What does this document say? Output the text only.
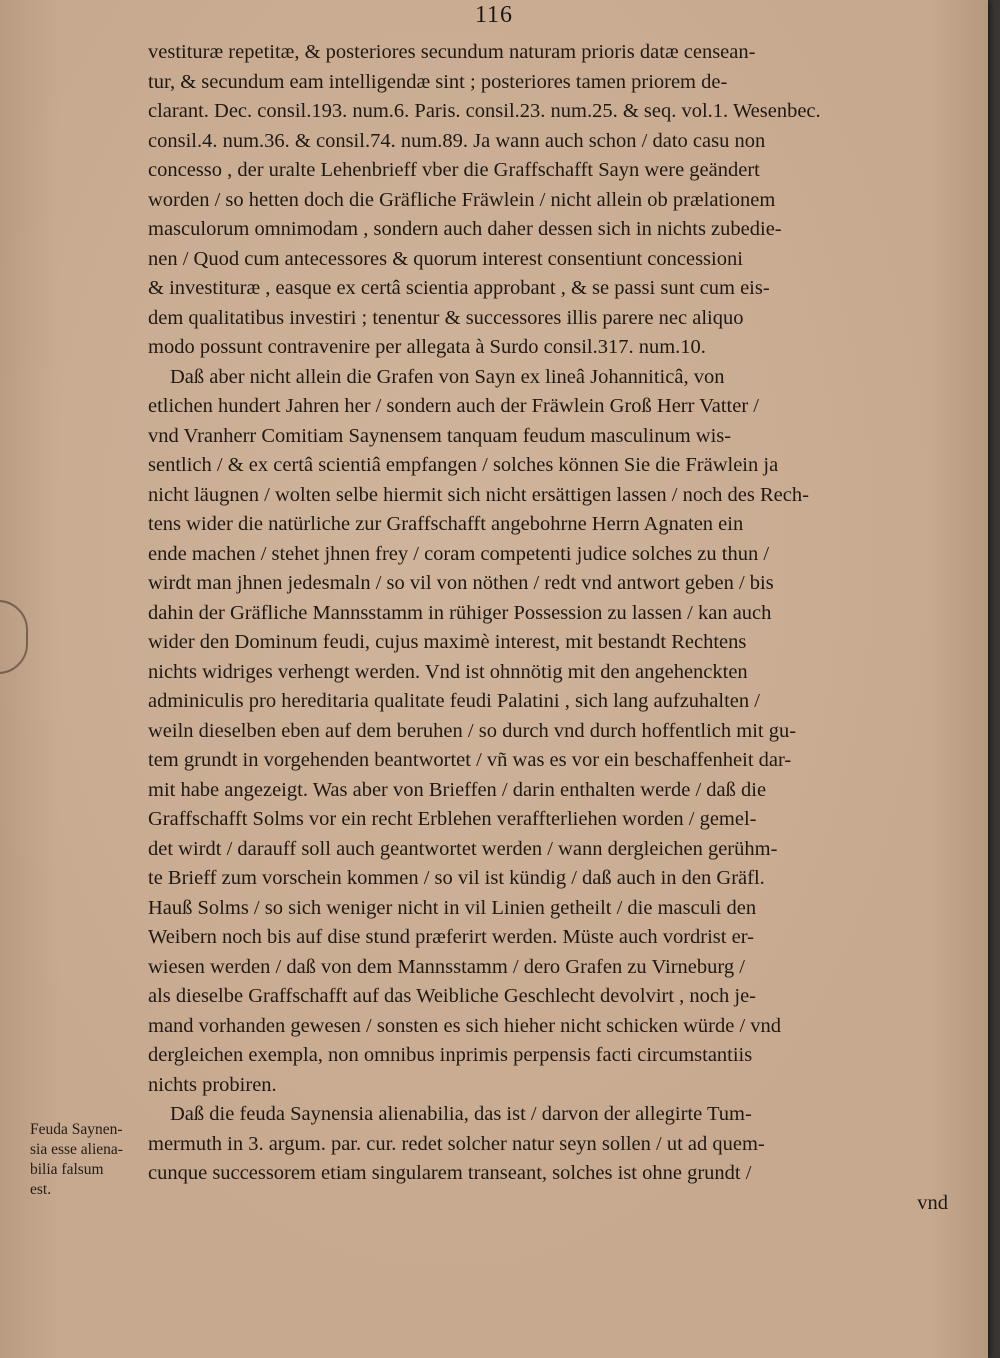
116
vestituræ repetitæ, & posteriores secundum naturam prioris datæ censean-
tur, & secundum eam intelligendæ sint ; posteriores tamen priorem de-
clarant. Dec. consil.193. num.6. Paris. consil.23. num.25. & seq. vol.1. Wesenbec.
consil.4. num.36. & consil.74. num.89. Ja wann auch schon / dato casu non
concesso , der uralte Lehenbrieff vber die Graffschafft Sayn were geändert
worden / so hetten doch die Gräfliche Fräwlein / nicht allein ob prælationem
masculorum omnimodam , sondern auch daher dessen sich in nichts zubedie-
nen / Quod cum antecessores & quorum interest consentiunt concessioni
& investituræ , easque ex certâ scientia approbant , & se passi sunt cum eis-
dem qualitatibus investiri ; tenentur & successores illis parere nec aliquo
modo possunt contravenire per allegata à Surdo consil.317. num.10.
Daß aber nicht allein die Grafen von Sayn ex lineâ Johanniticâ, von
etlichen hundert Jahren her / sondern auch der Fräwlein Groß Herr Vatter /
vnd Vranherr Comitiam Saynensem tanquam feudum masculinum wis-
sentlich / & ex certâ scientiâ empfangen / solches können Sie die Fräwlein ja
nicht läugnen / wolten selbe hiermit sich nicht ersättigen lassen / noch des Rech-
tens wider die natürliche zur Graffschafft angebohrne Herrn Agnaten ein
ende machen / stehet jhnen frey / coram competenti judice solches zu thun /
wirdt man jhnen jedesmaln / so vil von nöthen / redt vnd antwort geben / bis
dahin der Gräfliche Mannsstamm in rühiger Possession zu lassen / kan auch
wider den Dominum feudi, cujus maximè interest, mit bestandt Rechtens
nichts widriges verhengt werden. Vnd ist ohnnötig mit den angehenckten
adminiculis pro hereditaria qualitate feudi Palatini , sich lang aufzuhalten /
weiln dieselben eben auf dem beruhen / so durch vnd durch hoffentlich mit gu-
tem grundt in vorgehenden beantwortet / vñ was es vor ein beschaffenheit dar-
mit habe angezeigt. Was aber von Brieffen / darin enthalten werde / daß die
Graffschafft Solms vor ein recht Erblehen veraffterliehen worden / gemel-
det wirdt / darauff soll auch geantwortet werden / wann dergleichen gerühm-
te Brieff zum vorschein kommen / so vil ist kündig / daß auch in den Gräfl.
Hauß Solms / so sich weniger nicht in vil Linien getheilt / die masculi den
Weibern noch bis auf dise stund præferirt werden. Müste auch vordrist er-
wiesen werden / daß von dem Mannsstamm / dero Grafen zu Virneburg /
als dieselbe Graffschafft auf das Weibliche Geschlecht devolvirt , noch je-
mand vorhanden gewesen / sonsten es sich hieher nicht schicken würde / vnd
dergleichen exempla, non omnibus inprimis perpensis facti circumstantiis
nichts probiren.
Daß die feuda Saynensia alienabilia, das ist / darvon der allegirte Tum-
mermuth in 3. argum. par. cur. redet solcher natur seyn sollen / ut ad quem-
cunque successorem etiam singularem transeant, solches ist ohne grundt /
vnd
Feuda Saynen-
sia esse aliena-
bilia falsum
est.
